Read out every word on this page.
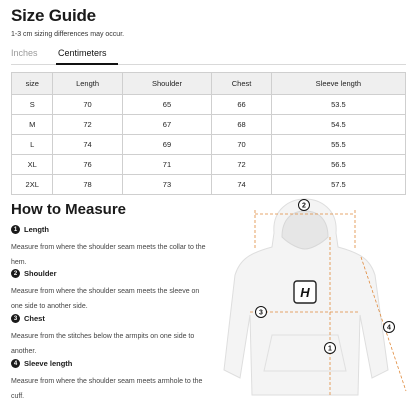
Size Guide
1-3 cm sizing differences may occur.
Inches Centimeters
size	Length	Shoulder	Chest	Sleeve length
S	70	65	66	53.5
M	72	67	68	54.5
L	74	69	70	55.5
XL	76	71	72	56.5
2XL	78	73	74	57.5
How to Measure
1 Length
Measure from where the shoulder seam meets the collar to the hem.
2 Shoulder
Measure from where the shoulder seam meets the sleeve on one side to another side.
3 Chest
Measure from the stitches below the armpits on one side to another.
4 Sleeve length
Measure from where the shoulder seam meets armhole to the cuff.
H
2
3
1
4
